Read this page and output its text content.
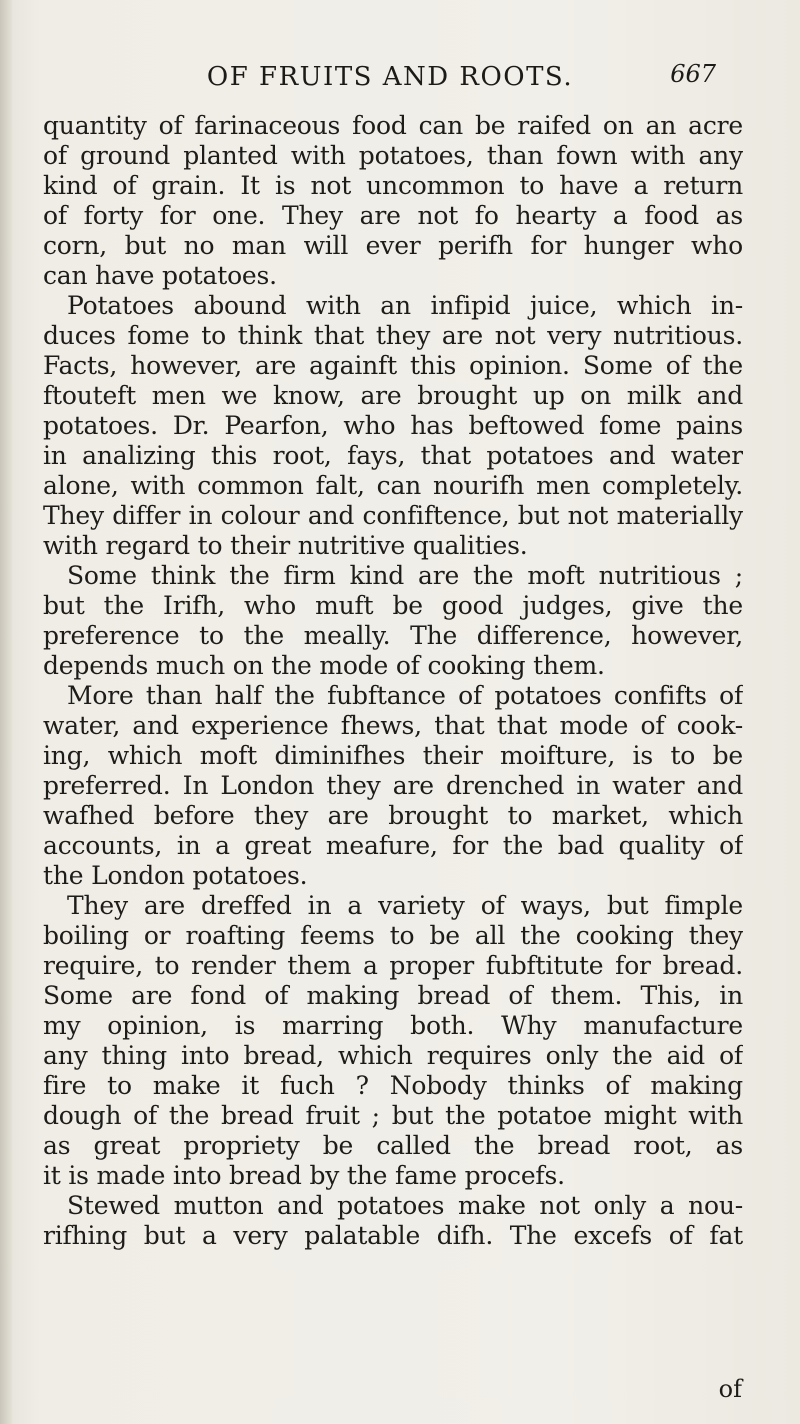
OF FRUITS AND ROOTS.	667
quantity of farinaceous food can be raifed on an acre
of ground planted with potatoes, than fown with any
kind of grain. It is not uncommon to have a return
of forty for one. They are not fo hearty a food as
corn, but no man will ever perifh for hunger who
can have potatoes.
Potatoes abound with an infipid juice, which in-
duces fome to think that they are not very nutritious.
Facts, however, are againft this opinion. Some of the
ftouteft men we know, are brought up on milk and
potatoes. Dr. Pearfon, who has beftowed fome pains
in analizing this root, fays, that potatoes and water
alone, with common falt, can nourifh men completely.
They differ in colour and confiftence, but not materially
with regard to their nutritive qualities.
Some think the firm kind are the moft nutritious ;
but the Irifh, who muft be good judges, give the
preference to the meally. The difference, however,
depends much on the mode of cooking them.
More than half the fubftance of potatoes confifts of
water, and experience fhews, that that mode of cook-
ing, which moft diminifhes their moifture, is to be
preferred. In London they are drenched in water and
wafhed before they are brought to market, which
accounts, in a great meafure, for the bad quality of
the London potatoes.
They are dreffed in a variety of ways, but fimple
boiling or roafting feems to be all the cooking they
require, to render them a proper fubftitute for bread.
Some are fond of making bread of them. This, in
my opinion, is marring both. Why manufacture
any thing into bread, which requires only the aid of
fire to make it fuch ? Nobody thinks of making
dough of the bread fruit ; but the potatoe might with
as great propriety be called the bread root, as
it is made into bread by the fame procefs.
Stewed mutton and potatoes make not only a nou-
rifhing but a very palatable difh. The excefs of fat
of
